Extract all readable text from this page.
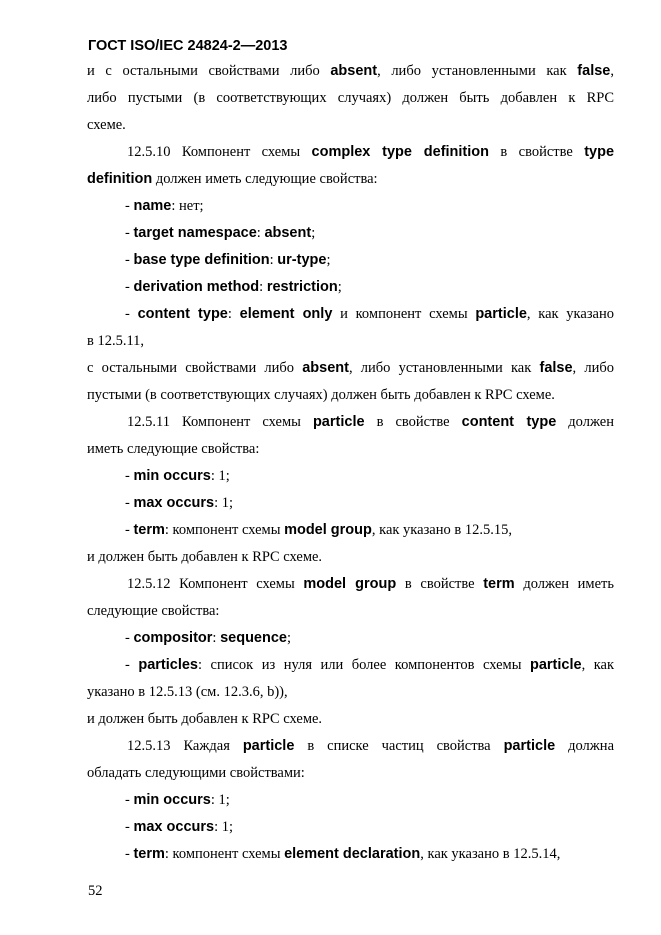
ГОСТ ISO/IEC 24824-2—2013
и с остальными свойствами либо absent, либо установленными как false,
либо пустыми (в соответствующих случаях) должен быть добавлен к RPC
схеме.
12.5.10 Компонент схемы complex type definition в свойстве type
definition должен иметь следующие свойства:
- name: нет;
- target namespace: absent;
- base type definition: ur-type;
- derivation method: restriction;
- content type: element only и компонент схемы particle, как указано
в 12.5.11,
с остальными свойствами либо absent, либо установленными как false, либо
пустыми (в соответствующих случаях) должен быть добавлен к RPC схеме.
12.5.11 Компонент схемы particle в свойстве content type должен
иметь следующие свойства:
- min occurs: 1;
- max occurs: 1;
- term: компонент схемы model group, как указано в 12.5.15,
и должен быть добавлен к RPC схеме.
12.5.12 Компонент схемы model group в свойстве term должен иметь
следующие свойства:
- compositor: sequence;
- particles: список из нуля или более компонентов схемы particle, как
указано в 12.5.13 (см. 12.3.6, b)),
и должен быть добавлен к RPC схеме.
12.5.13 Каждая particle в списке частиц свойства particle должна
обладать следующими свойствами:
- min occurs: 1;
- max occurs: 1;
- term: компонент схемы element declaration, как указано в 12.5.14,
52
